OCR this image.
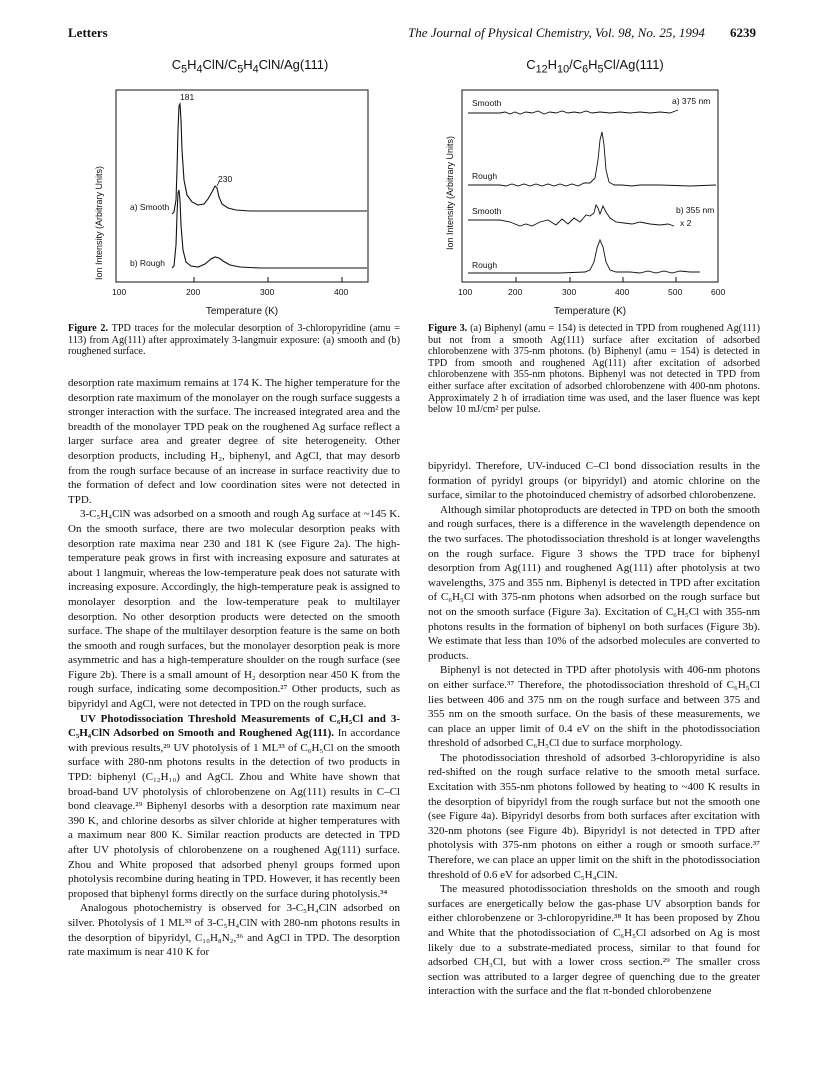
Letters	The Journal of Physical Chemistry, Vol. 98, No. 25, 1994 6239
$C_5H_4ClN/C_5H_4ClN/Ag(111)$
Ion Intensity (Arbitrary Units)
181
230
a) Smooth
b) Rough
100	200	300	400
Temperature (K)
Figure 2. TPD traces for the molecular desorption of 3-chloropyridine (amu = 113) from Ag(111) after approximately 3-langmuir exposure: (a) smooth and (b) roughened surface.
$C_{12}H_{10}/C_6H_5Cl/Ag(111)$
Ion Intensity (Arbitrary Units)
Smooth
Rough
Smooth
Rough
a) 375 nm
b) 355 nm
x 2
100	200	300	400	500	600
Temperature (K)
Figure 3. (a) Biphenyl (amu = 154) is detected in TPD from roughened Ag(111) but not from a smooth Ag(111) surface after excitation of adsorbed chlorobenzene with 375-nm photons. (b) Biphenyl (amu = 154) is detected in TPD from smooth and roughened Ag(111) after excitation of adsorbed chlorobenzene with 355-nm photons. Biphenyl was not detected in TPD from either surface after excitation of adsorbed chlorobenzene with 400-nm photons. Approximately 2 h of irradiation time was used, and the laser fluence was kept below 10 mJ/cm² per pulse.

desorption rate maximum remains at 174 K. The higher temperature for the desorption rate maximum of the monolayer on the rough surface suggests a stronger interaction with the surface. The increased integrated area and the breadth of the monolayer TPD peak on the roughened Ag surface reflect a larger surface area and greater degree of site heterogeneity. Other desorption products, including H₂, biphenyl, and AgCl, that may desorb from the rough surface because of an increase in surface reactivity due to the formation of defect and low coordination sites were not detected in TPD.

3-C₅H₄ClN was adsorbed on a smooth and rough Ag surface at ~145 K. On the smooth surface, there are two molecular desorption peaks with desorption rate maxima near 230 and 181 K (see Figure 2a). The high-temperature peak grows in first with increasing exposure and saturates at about 1 langmuir, whereas the low-temperature peak does not saturate with increasing exposure. Accordingly, the high-temperature peak is assigned to monolayer desorption and the low-temperature peak to multilayer desorption. No other desorption products were detected on the smooth surface. The shape of the multilayer desorption feature is the same on both the smooth and rough surfaces, but the monolayer desorption peak is more asymmetric and has a high-temperature shoulder on the rough surface (see Figure 2b). There is a small amount of H₂ desorption near 450 K from the rough surface, indicating some decomposition.²⁷ Other products, such as bipyridyl and AgCl, were not detected in TPD on the rough surface.

UV Photodissociation Threshold Measurements of C₆H₅Cl and 3-C₅H₄ClN Adsorbed on Smooth and Roughened Ag(111). In accordance with previous results,²⁹ UV photolysis of 1 ML³³ of C₆H₅Cl on the smooth surface with 280-nm photons results in the detection of two products in TPD: biphenyl (C₁₂H₁₀) and AgCl. Zhou and White have shown that broad-band UV photolysis of chlorobenzene on Ag(111) results in C–Cl bond cleavage.²⁹ Biphenyl desorbs with a desorption rate maximum near 390 K, and chlorine desorbs as silver chloride at higher temperatures with a maximum near 800 K. Similar reaction products are detected in TPD after UV photolysis of chlorobenzene on a roughened Ag(111) surface. Zhou and White proposed that adsorbed phenyl groups formed upon photolysis recombine during heating in TPD. However, it has recently been proposed that biphenyl forms directly on the surface during photolysis.³⁴

Analogous photochemistry is observed for 3-C₅H₄ClN adsorbed on silver. Photolysis of 1 ML³³ of 3-C₅H₄ClN with 280-nm photons results in the desorption of bipyridyl, C₁₀H₈N₂,³⁶ and AgCl in TPD. The desorption rate maximum is near 410 K for

bipyridyl. Therefore, UV-induced C–Cl bond dissociation results in the formation of pyridyl groups (or bipyridyl) and atomic chlorine on the surface, similar to the photoinduced chemistry of adsorbed chlorobenzene.

Although similar photoproducts are detected in TPD on both the smooth and rough surfaces, there is a difference in the wavelength dependence on the two surfaces. The photodissociation threshold is at longer wavelengths on the rough surface. Figure 3 shows the TPD trace for biphenyl desorption from Ag(111) and roughened Ag(111) after photolysis at two wavelengths, 375 and 355 nm. Biphenyl is detected in TPD after excitation of C₆H₅Cl with 375-nm photons when adsorbed on the rough surface but not on the smooth surface (Figure 3a). Excitation of C₆H₅Cl with 355-nm photons results in the formation of biphenyl on both surfaces (Figure 3b). We estimate that less than 10% of the adsorbed molecules are converted to products.

Biphenyl is not detected in TPD after photolysis with 406-nm photons on either surface.³⁷ Therefore, the photodissociation threshold of C₆H₅Cl lies between 406 and 375 nm on the rough surface and between 375 and 355 nm on the smooth surface. On the basis of these measurements, we can place an upper limit of 0.4 eV on the shift in the photodissociation threshold of adsorbed C₆H₅Cl due to surface morphology.

The photodissociation threshold of adsorbed 3-chloropyridine is also red-shifted on the rough surface relative to the smooth metal surface. Excitation with 355-nm photons followed by heating to ~400 K results in the desorption of bipyridyl from the rough surface but not the smooth one (see Figure 4a). Bipyridyl desorbs from both surfaces after excitation with 320-nm photons (see Figure 4b). Bipyridyl is not detected in TPD after photolysis with 375-nm photons on either a rough or smooth surface.³⁷ Therefore, we can place an upper limit on the shift in the photodissociation threshold of 0.6 eV for adsorbed C₅H₄ClN.

The measured photodissociation thresholds on the smooth and rough surfaces are energetically below the gas-phase UV absorption bands for either chlorobenzene or 3-chloropyridine.³⁸ It has been proposed by Zhou and White that the photodissociation of C₆H₅Cl adsorbed on Ag is most likely due to a substrate-mediated process, similar to that found for adsorbed CH₃Cl, but with a lower cross section.²⁹ The smaller cross section was attributed to a larger degree of quenching due to the greater interaction with the surface and the flat π-bonded chlorobenzene
